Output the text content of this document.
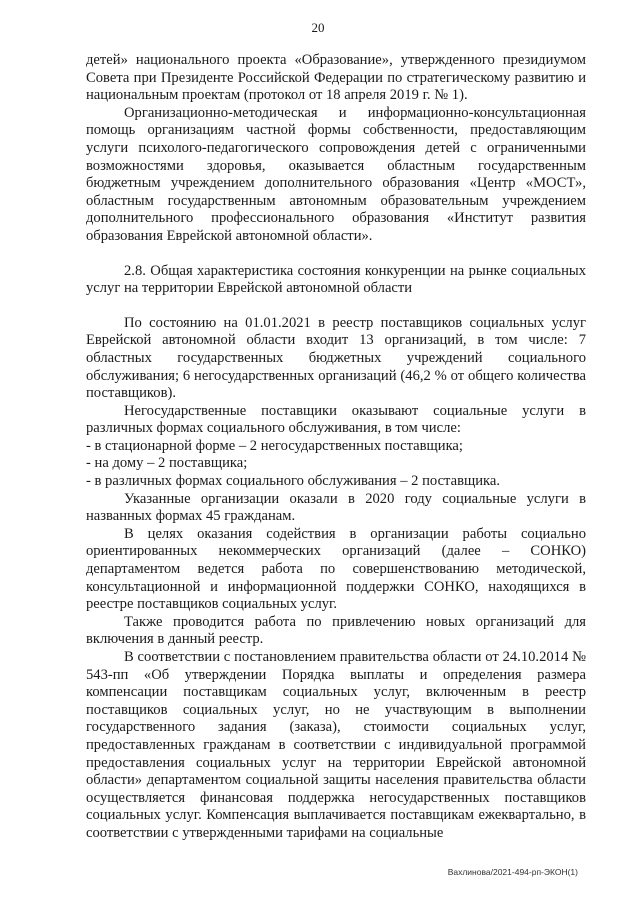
20

детей» национального проекта «Образование», утвержденного президиумом Совета при Президенте Российской Федерации по стратегическому развитию и национальным проектам (протокол от 18 апреля 2019 г. № 1).

Организационно-методическая и информационно-консультационная помощь организациям частной формы собственности, предоставляющим услуги психолого-педагогического сопровождения детей с ограниченными возможностями здоровья, оказывается областным государственным бюджетным учреждением дополнительного образования «Центр «МОСТ», областным государственным автономным образовательным учреждением дополнительного профессионального образования «Институт развития образования Еврейской автономной области».

2.8. Общая характеристика состояния конкуренции на рынке социальных услуг на территории Еврейской автономной области

По состоянию на 01.01.2021 в реестр поставщиков социальных услуг Еврейской автономной области входит 13 организаций, в том числе: 7 областных государственных бюджетных учреждений социального обслуживания; 6 негосударственных организаций (46,2 % от общего количества поставщиков).

Негосударственные поставщики оказывают социальные услуги в различных формах социального обслуживания, в том числе:

- в стационарной форме – 2 негосударственных поставщика;

- на дому – 2 поставщика;

- в различных формах социального обслуживания – 2 поставщика.

Указанные организации оказали в 2020 году социальные услуги в названных формах 45 гражданам.

В целях оказания содействия в организации работы социально ориентированных некоммерческих организаций (далее – СОНКО) департаментом ведется работа по совершенствованию методической, консультационной и информационной поддержки СОНКО, находящихся в реестре поставщиков социальных услуг.

Также проводится работа по привлечению новых организаций для включения в данный реестр.

В соответствии с постановлением правительства области от 24.10.2014 № 543-пп «Об утверждении Порядка выплаты и определения размера компенсации поставщикам социальных услуг, включенным в реестр поставщиков социальных услуг, но не участвующим в выполнении государственного задания (заказа), стоимости социальных услуг, предоставленных гражданам в соответствии с индивидуальной программой предоставления социальных услуг на территории Еврейской автономной области» департаментом социальной защиты населения правительства области осуществляется финансовая поддержка негосударственных поставщиков социальных услуг. Компенсация выплачивается поставщикам ежеквартально, в соответствии с утвержденными тарифами на социальные

Вахлинова/2021-494-рп-ЭКОН(1)
